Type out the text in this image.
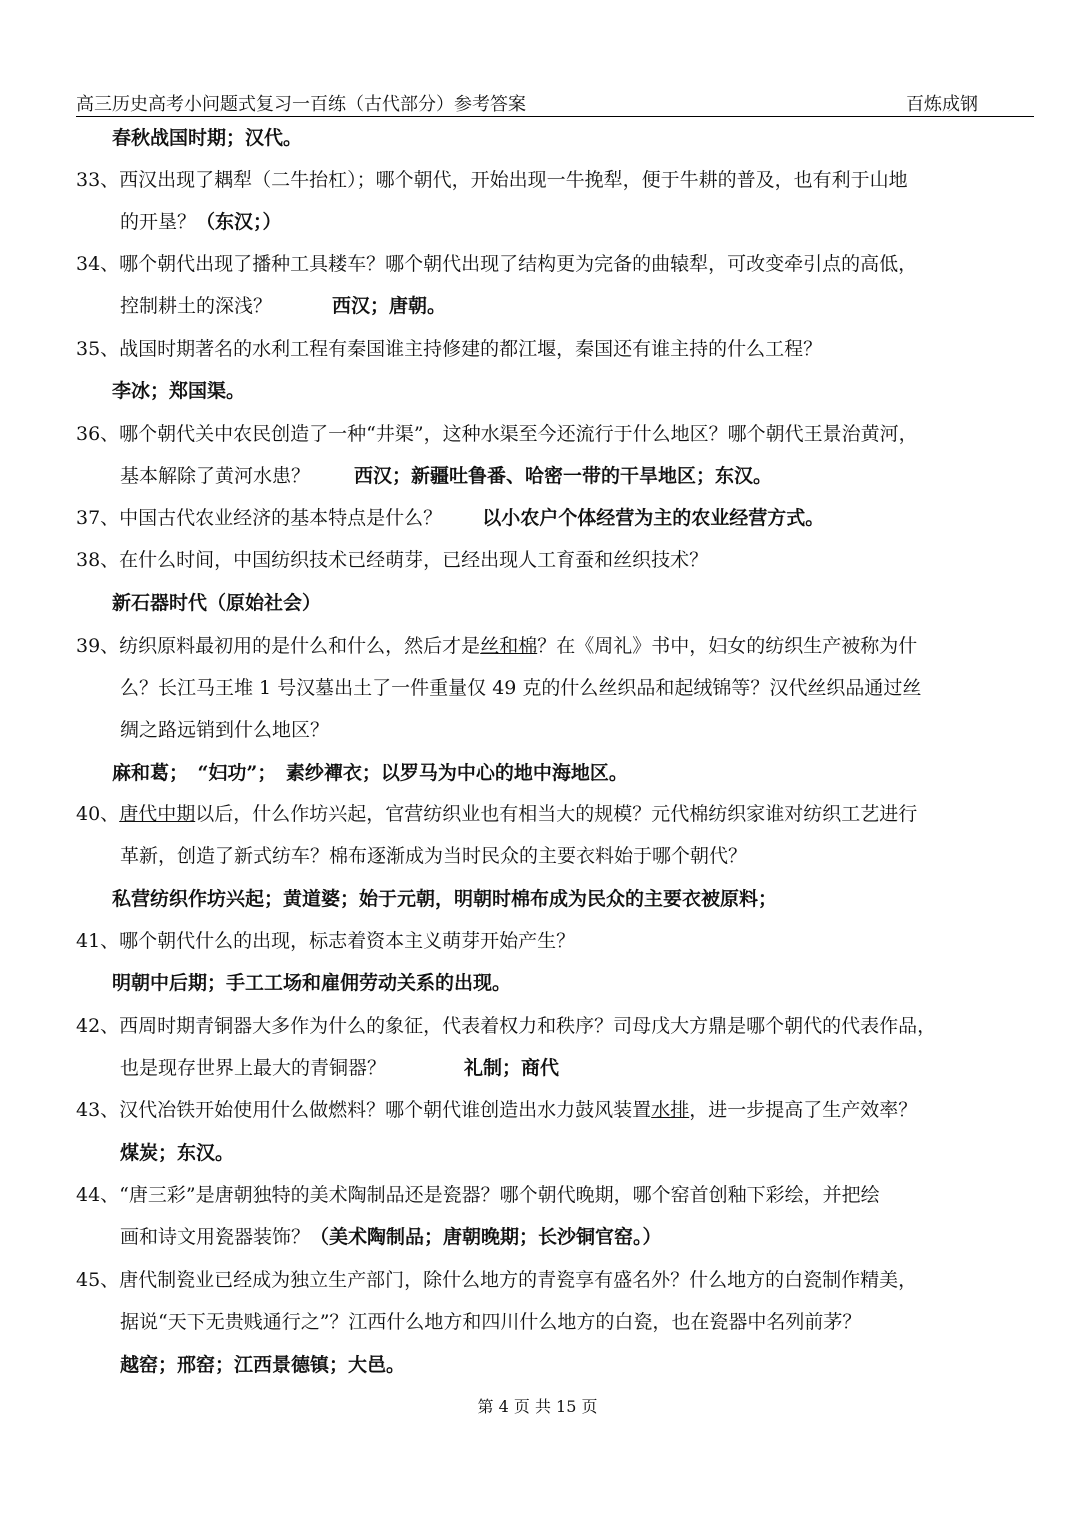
高三历史高考小问题式复习一百练（古代部分）参考答案	百炼成钢
春秋战国时期；汉代。
33、西汉出现了耦犁（二牛抬杠）；哪个朝代，开始出现一牛挽犁，便于牛耕的普及，也有利于山地
的开垦？（东汉；）
34、哪个朝代出现了播种工具耧车？哪个朝代出现了结构更为完备的曲辕犁，可改变牵引点的高低，
控制耕土的深浅？	西汉；唐朝。
35、战国时期著名的水利工程有秦国谁主持修建的都江堰，秦国还有谁主持的什么工程？
李冰；郑国渠。
36、哪个朝代关中农民创造了一种“井渠”，这种水渠至今还流行于什么地区？哪个朝代王景治黄河，
基本解除了黄河水患？ 西汉；新疆吐鲁番、哈密一带的干旱地区；东汉。
37、中国古代农业经济的基本特点是什么？ 以小农户个体经营为主的农业经营方式。
38、在什么时间，中国纺织技术已经萌芽，已经出现人工育蚕和丝织技术？
新石器时代（原始社会）
39、纺织原料最初用的是什么和什么，然后才是丝和棉？在《周礼》书中，妇女的纺织生产被称为什
么？长江马王堆 1 号汉墓出土了一件重量仅 49 克的什么丝织品和起绒锦等？汉代丝织品通过丝
绸之路远销到什么地区？
麻和葛；　“妇功”；　素纱襌衣；以罗马为中心的地中海地区。
40、唐代中期以后，什么作坊兴起，官营纺织业也有相当大的规模？元代棉纺织家谁对纺织工艺进行
革新，创造了新式纺车？棉布逐渐成为当时民众的主要衣料始于哪个朝代？
私营纺织作坊兴起；黄道婆；始于元朝，明朝时棉布成为民众的主要衣被原料；
41、哪个朝代什么的出现，标志着资本主义萌芽开始产生？
明朝中后期；手工工场和雇佣劳动关系的出现。
42、西周时期青铜器大多作为什么的象征，代表着权力和秩序？司母戊大方鼎是哪个朝代的代表作品，
也是现存世界上最大的青铜器？	礼制；商代
43、汉代冶铁开始使用什么做燃料？哪个朝代谁创造出水力鼓风装置水排，进一步提高了生产效率？
煤炭；东汉。
44、“唐三彩”是唐朝独特的美术陶制品还是瓷器？哪个朝代晚期，哪个窑首创釉下彩绘，并把绘
画和诗文用瓷器装饰？（美术陶制品；唐朝晚期；长沙铜官窑。）
45、唐代制瓷业已经成为独立生产部门，除什么地方的青瓷享有盛名外？什么地方的白瓷制作精美，
据说“天下无贵贱通行之”？江西什么地方和四川什么地方的白瓷，也在瓷器中名列前茅？
越窑；邢窑；江西景德镇；大邑。
第 4 页 共 15 页
